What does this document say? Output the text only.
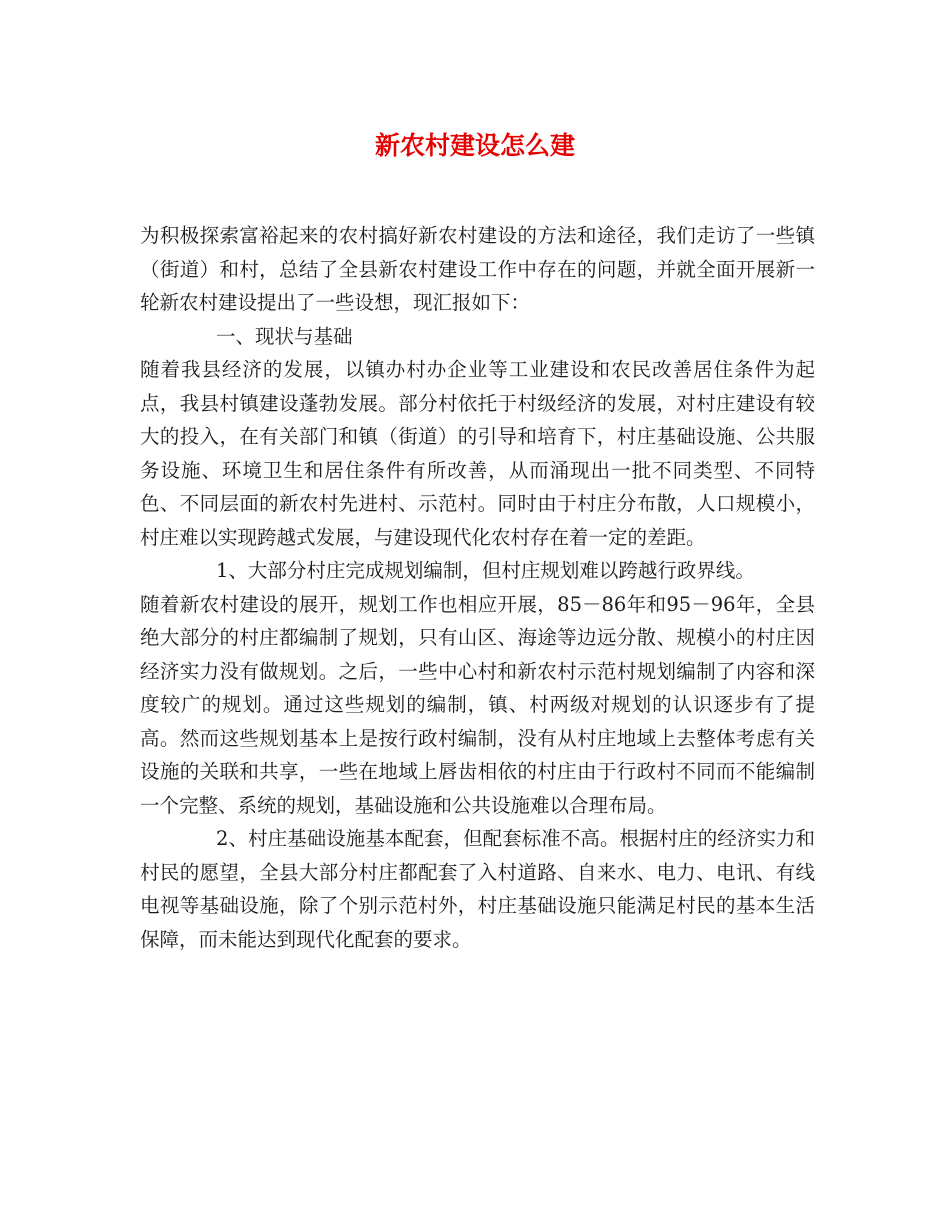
新农村建设怎么建

为积极探索富裕起来的农村搞好新农村建设的方法和途径，我们走访了一些镇（街道）和村，总结了全县新农村建设工作中存在的问题，并就全面开展新一轮新农村建设提出了一些设想，现汇报如下：

一、现状与基础

随着我县经济的发展，以镇办村办企业等工业建设和农民改善居住条件为起点，我县村镇建设蓬勃发展。部分村依托于村级经济的发展，对村庄建设有较大的投入，在有关部门和镇（街道）的引导和培育下，村庄基础设施、公共服务设施、环境卫生和居住条件有所改善，从而涌现出一批不同类型、不同特色、不同层面的新农村先进村、示范村。同时由于村庄分布散，人口规模小，村庄难以实现跨越式发展，与建设现代化农村存在着一定的差距。

1、大部分村庄完成规划编制，但村庄规划难以跨越行政界线。

随着新农村建设的展开，规划工作也相应开展，85－86年和95－96年，全县绝大部分的村庄都编制了规划，只有山区、海途等边远分散、规模小的村庄因经济实力没有做规划。之后，一些中心村和新农村示范村规划编制了内容和深度较广的规划。通过这些规划的编制，镇、村两级对规划的认识逐步有了提高。然而这些规划基本上是按行政村编制，没有从村庄地域上去整体考虑有关设施的关联和共享，一些在地域上唇齿相依的村庄由于行政村不同而不能编制一个完整、系统的规划，基础设施和公共设施难以合理布局。

2、村庄基础设施基本配套，但配套标准不高。根据村庄的经济实力和村民的愿望，全县大部分村庄都配套了入村道路、自来水、电力、电讯、有线电视等基础设施，除了个别示范村外，村庄基础设施只能满足村民的基本生活保障，而未能达到现代化配套的要求。
